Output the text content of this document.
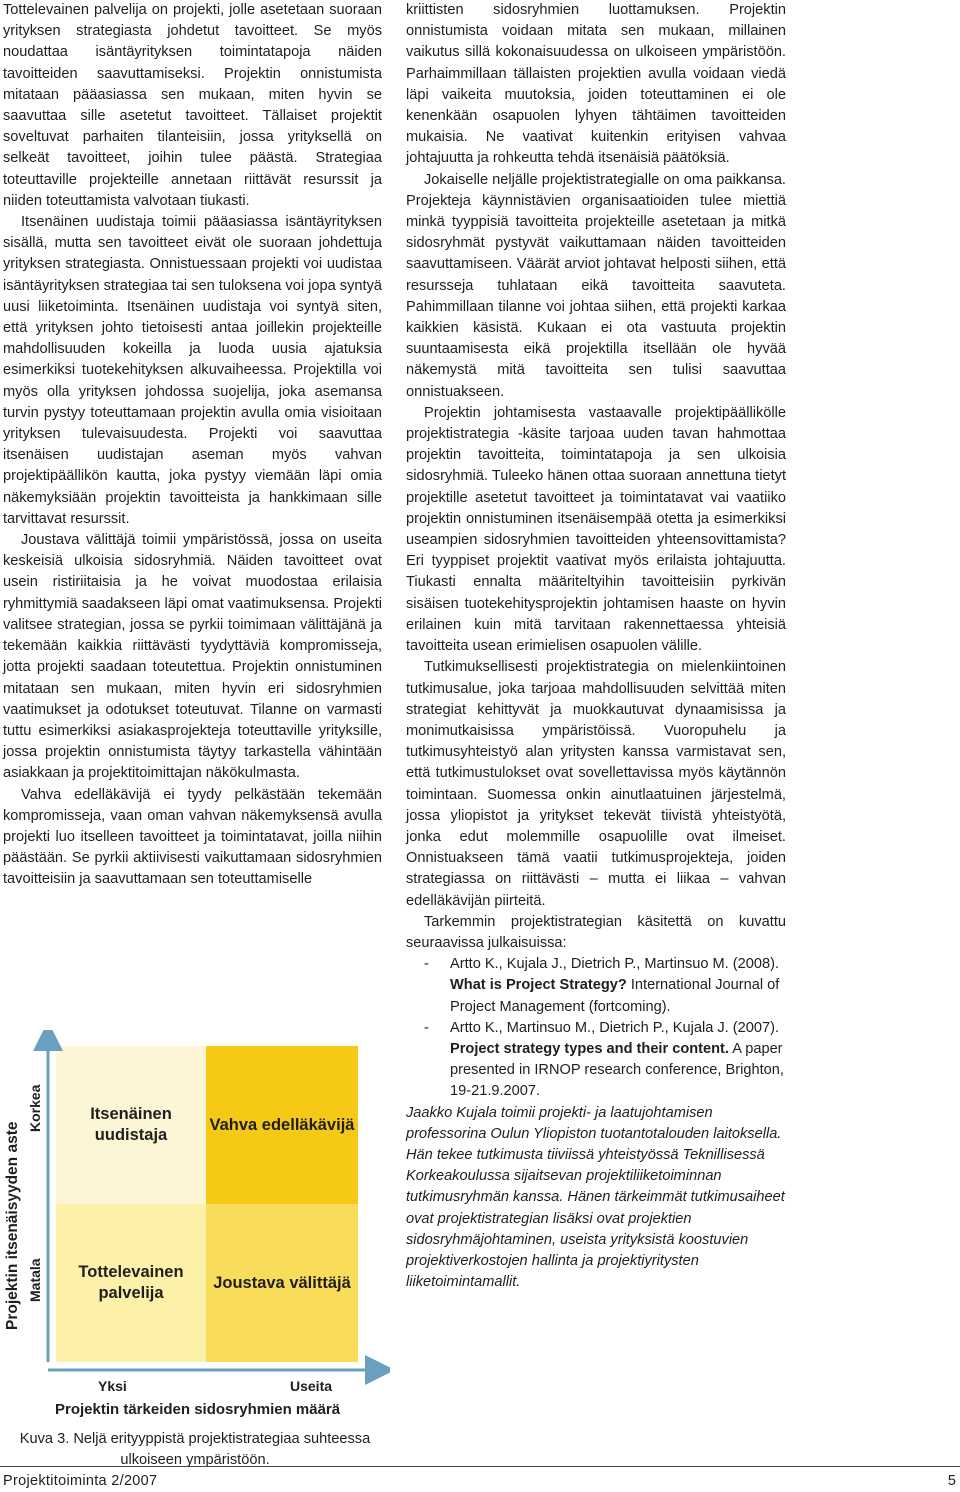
Tottelevainen palvelija on projekti, jolle asetetaan suoraan yrityksen strategiasta johdetut tavoitteet. Se myös noudattaa isäntäyrityksen toimintatapoja näiden tavoitteiden saavuttamiseksi. Projektin onnistumista mitataan pääasiassa sen mukaan, miten hyvin se saavuttaa sille asetetut tavoitteet. Tällaiset projektit soveltuvat parhaiten tilanteisiin, jossa yrityksellä on selkeät tavoitteet, joihin tulee päästä. Strategiaa toteuttaville projekteille annetaan riittävät resurssit ja niiden toteuttamista valvotaan tiukasti.

Itsenäinen uudistaja toimii pääasiassa isäntäyrityksen sisällä, mutta sen tavoitteet eivät ole suoraan johdettuja yrityksen strategiasta. Onnistuessaan projekti voi uudistaa isäntäyrityksen strategiaa tai sen tuloksena voi jopa syntyä uusi liiketoiminta. Itsenäinen uudistaja voi syntyä siten, että yrityksen johto tietoisesti antaa joillekin projekteille mahdollisuuden kokeilla ja luoda uusia ajatuksia esimerkiksi tuotekehityksen alkuvaiheessa. Projektilla voi myös olla yrityksen johdossa suojelija, joka asemansa turvin pystyy toteuttamaan projektin avulla omia visioitaan yrityksen tulevaisuudesta. Projekti voi saavuttaa itsenäisen uudistajan aseman myös vahvan projektipäällikön kautta, joka pystyy viemään läpi omia näkemyksiään projektin tavoitteista ja hankkimaan sille tarvittavat resurssit.

Joustava välittäjä toimii ympäristössä, jossa on useita keskeisiä ulkoisia sidosryhmiä. Näiden tavoitteet ovat usein ristiriitaisia ja he voivat muodostaa erilaisia ryhmittymiä saadakseen läpi omat vaatimuksensa. Projekti valitsee strategian, jossa se pyrkii toimimaan välittäjänä ja tekemään kaikkia riittävästi tyydyttäviä kompromisseja, jotta projekti saadaan toteutettua. Projektin onnistuminen mitataan sen mukaan, miten hyvin eri sidosryhmien vaatimukset ja odotukset toteutuvat. Tilanne on varmasti tuttu esimerkiksi asiakasprojekteja toteuttaville yrityksille, jossa projektin onnistumista täytyy tarkastella vähintään asiakkaan ja projektitoimittajan näkökulmasta.

Vahva edelläkävijä ei tyydy pelkästään tekemään kompromisseja, vaan oman vahvan näkemyksensä avulla projekti luo itselleen tavoitteet ja toimintatavat, joilla niihin päästään. Se pyrkii aktiivisesti vaikuttamaan sidosryhmien tavoitteisiin ja saavuttamaan sen toteuttamiselle

Itsenäinen uudistaja
Vahva edelläkävijä
Tottelevainen palvelija
Joustava välittäjä
Projektin itsenäisyyden aste
Korkea
Matala
Yksi	Useita
Projektin tärkeiden sidosryhmien määrä
Kuva 3. Neljä erityyppistä projektistrategiaa suhteessa ulkoiseen ympäristöön.

kriittisten sidosryhmien luottamuksen. Projektin onnistumista voidaan mitata sen mukaan, millainen vaikutus sillä kokonaisuudessa on ulkoiseen ympäristöön. Parhaimmillaan tällaisten projektien avulla voidaan viedä läpi vaikeita muutoksia, joiden toteuttaminen ei ole kenenkään osapuolen lyhyen tähtäimen tavoitteiden mukaisia. Ne vaativat kuitenkin erityisen vahvaa johtajuutta ja rohkeutta tehdä itsenäisiä päätöksiä.

Jokaiselle neljälle projektistrategialle on oma paikkansa. Projekteja käynnistävien organisaatioiden tulee miettiä minkä tyyppisiä tavoitteita projekteille asetetaan ja mitkä sidosryhmät pystyvät vaikuttamaan näiden tavoitteiden saavuttamiseen. Väärät arviot johtavat helposti siihen, että resursseja tuhlataan eikä tavoitteita saavuteta. Pahimmillaan tilanne voi johtaa siihen, että projekti karkaa kaikkien käsistä. Kukaan ei ota vastuuta projektin suuntaamisesta eikä projektilla itsellään ole hyvää näkemystä mitä tavoitteita sen tulisi saavuttaa onnistuakseen.

Projektin johtamisesta vastaavalle projektipäällikölle projektistrategia -käsite tarjoaa uuden tavan hahmottaa projektin tavoitteita, toimintatapoja ja sen ulkoisia sidosryhmiä. Tuleeko hänen ottaa suoraan annettuna tietyt projektille asetetut tavoitteet ja toimintatavat vai vaatiiko projektin onnistuminen itsenäisempää otetta ja esimerkiksi useampien sidosryhmien tavoitteiden yhteensovittamista? Eri tyyppiset projektit vaativat myös erilaista johtajuutta. Tiukasti ennalta määriteltyihin tavoitteisiin pyrkivän sisäisen tuotekehitysprojektin johtamisen haaste on hyvin erilainen kuin mitä tarvitaan rakennettaessa yhteisiä tavoitteita usean erimielisen osapuolen välille.

Tutkimuksellisesti projektistrategia on mielenkiintoinen tutkimusalue, joka tarjoaa mahdollisuuden selvittää miten strategiat kehittyvät ja muokkautuvat dynaamisissa ja monimutkaisissa ympäristöissä. Vuoropuhelu ja tutkimusyhteistyö alan yritysten kanssa varmistavat sen, että tutkimustulokset ovat sovellettavissa myös käytännön toimintaan. Suomessa onkin ainutlaatuinen järjestelmä, jossa yliopistot ja yritykset tekevät tiivistä yhteistyötä, jonka edut molemmille osapuolille ovat ilmeiset. Onnistuakseen tämä vaatii tutkimusprojekteja, joiden strategiassa on riittävästi – mutta ei liikaa – vahvan edelläkävijän piirteitä.

Tarkemmin projektistrategian käsitettä on kuvattu seuraavissa julkaisuissa:

- Artto K., Kujala J., Dietrich P., Martinsuo M. (2008). What is Project Strategy? International Journal of Project Management (fortcoming).
- Artto K., Martinsuo M., Dietrich P., Kujala J. (2007). Project strategy types and their content. A paper presented in IRNOP research conference, Brighton, 19-21.9.2007.

Jaakko Kujala toimii projekti- ja laatujohtamisen professorina Oulun Yliopiston tuotantotalouden laitoksella. Hän tekee tutkimusta tiiviissä yhteistyössä Teknillisessä Korkeakoulussa sijaitsevan projektiliiketoiminnan tutkimusryhmän kanssa. Hänen tärkeimmät tutkimusaiheet ovat projektistrategian lisäksi ovat projektien sidosryhmäjohtaminen, useista yrityksistä koostuvien projektiverkostojen hallinta ja projektiyritysten liiketoimintamallit.

Projektitoiminta 2/2007	5
